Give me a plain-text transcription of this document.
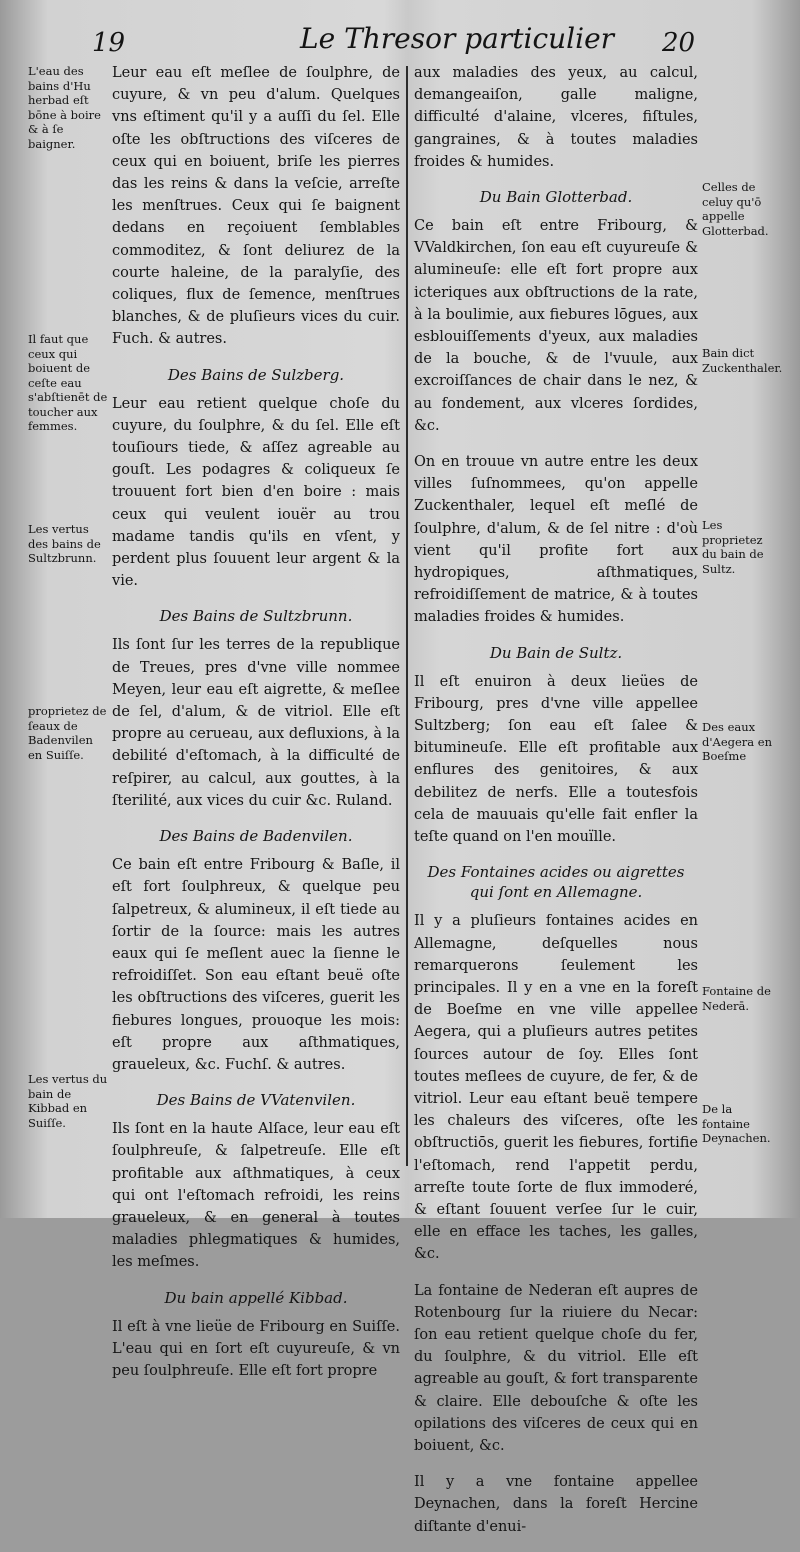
19	Le Thresor particulier 20

Leur eau eſt meſlee de ſoulphre, de cuyure, & vn peu d'alum. Quelques vns eſtiment qu'il y a auſſi du ſel. Elle oſte les obſtructions des viſceres de ceux qui en boiuent, briſe les pierres das les reins & dans la veſcie, arreſte les menſtrues. Ceux qui ſe baignent dedans en reçoiuent ſemblables commoditez, & ſont deliurez de la courte haleine, de la paralyſie, des coliques, flux de ſemence, menſtrues blanches, & de pluſieurs vices du cuir. Fuch. & autres.

Des Bains de Sulzberg.

Leur eau retient quelque choſe du cuyure, du ſoulphre, & du ſel. Elle eſt touſiours tiede, & aſſez agreable au gouſt. Les podagres & coliqueux ſe trouuent fort bien d'en boire : mais ceux qui veulent iouër au trou madame tandis qu'ils en vſent, y perdent plus ſouuent leur argent & la vie.

Des Bains de Sultzbrunn.

Ils ſont ſur les terres de la republique de Treues, pres d'vne ville nommee Meyen, leur eau eſt aigrette, & meſlee de ſel, d'alum, & de vitriol. Elle eſt propre au cerueau, aux defluxions, à la debilité d'eſtomach, à la difficulté de reſpirer, au calcul, aux gouttes, à la ſterilité, aux vices du cuir &c. Ruland.

Des Bains de Badenvilen.

Ce bain eſt entre Fribourg & Baſle, il eſt fort ſoulphreux, & quelque peu ſalpetreux, & alumineux, il eſt tiede au ſortir de la ſource: mais les autres eaux qui ſe meſlent auec la ſienne le refroidiſſet. Son eau eſtant beuë oſte les obſtructions des viſceres, guerit les fiebures longues, prouoque les mois: eſt propre aux aſthmatiques, graueleux, &c. Fuchſ. & autres.

Des Bains de VVatenvilen.

Ils ſont en la haute Alſace, leur eau eſt ſoulphreuſe, & ſalpetreuſe. Elle eſt profitable aux aſthmatiques, à ceux qui ont l'eſtomach refroidi, les reins graueleux, & en general à toutes maladies phlegmatiques & humides, les meſmes.

Du bain appellé Kibbad.

Il eſt à vne lieüe de Fribourg en Suiſſe. L'eau qui en ſort eſt cuyureuſe, & vn peu ſoulphreuſe. Elle eſt fort propre

aux maladies des yeux, au calcul, demangeaiſon, galle maligne, difficulté d'alaine, vlceres, fiſtules, gangraines, & à toutes maladies froides & humides.

Du Bain Glotterbad.

Ce bain eſt entre Fribourg, & VValdkirchen, ſon eau eſt cuyureuſe & alumineuſe: elle eſt fort propre aux icteriques aux obſtructions de la rate, à la boulimie, aux fiebures lōgues, aux esblouiſſements d'yeux, aux maladies de la bouche, & de l'vuule, aux excroiſſances de chair dans le nez, & au fondement, aux vlceres ſordides, &c.

On en trouue vn autre entre les deux villes ſuſnommees, qu'on appelle Zuckenthaler, lequel eſt meſlé de ſoulphre, d'alum, & de ſel nitre : d'où vient qu'il profite fort aux hydropiques, aſthmatiques, refroidiſſement de matrice, & à toutes maladies froides & humides.

Du Bain de Sultz.

Il eſt enuiron à deux lieües de Fribourg, pres d'vne ville appellee Sultzberg; ſon eau eſt ſalee & bitumineuſe. Elle eſt profitable aux enflures des genitoires, & aux debilitez de nerfs. Elle a toutesfois cela de mauuais qu'elle fait enfler la teſte quand on l'en mouïlle.

Des Fontaines acides ou aigrettes qui ſont en Allemagne.

Il y a pluſieurs fontaines acides en Allemagne, deſquelles nous remarquerons ſeulement les principales. Il y en a vne en la foreſt de Boeſme en vne ville appellee Aegera, qui a pluſieurs autres petites ſources autour de ſoy. Elles ſont toutes meſlees de cuyure, de fer, & de vitriol. Leur eau eſtant beuë tempere les chaleurs des viſceres, oſte les obſtructiōs, guerit les fiebures, fortifie l'eſtomach, rend l'appetit perdu, arreſte toute ſorte de flux immoderé, & eſtant ſouuent verſee ſur le cuir, elle en efface les taches, les galles, &c.

La fontaine de Nederan eſt aupres de Rotenbourg ſur la riuiere du Necar: ſon eau retient quelque choſe du fer, du ſoulphre, & du vitriol. Elle eſt agreable au gouſt, & fort transparente & claire. Elle debouſche & oſte les opilations des viſceres de ceux qui en boiuent, &c.

Il y a vne fontaine appellee Deynachen, dans la foreſt Hercine diſtante d'enui-

L'eau des bains d'Hu herbad eſt bōne à boire & à ſe baigner.
Il faut que ceux qui boiuent de ceſte eau s'abſtienēt de toucher aux femmes.
Les vertus des bains de Sultzbrunn.
proprietez de ſeaux de Badenvilen en Suiſſe.
Les vertus du bain de Kibbad en Suiſſe.
Celles de celuy qu'ō appelle Glotterbad.
Bain dict Zuckenthaler.
Les proprietez du bain de Sultz.
Des eaux d'Aegera en Boeſme
Fontaine de Nederā.
De la fontaine Deynachen.
